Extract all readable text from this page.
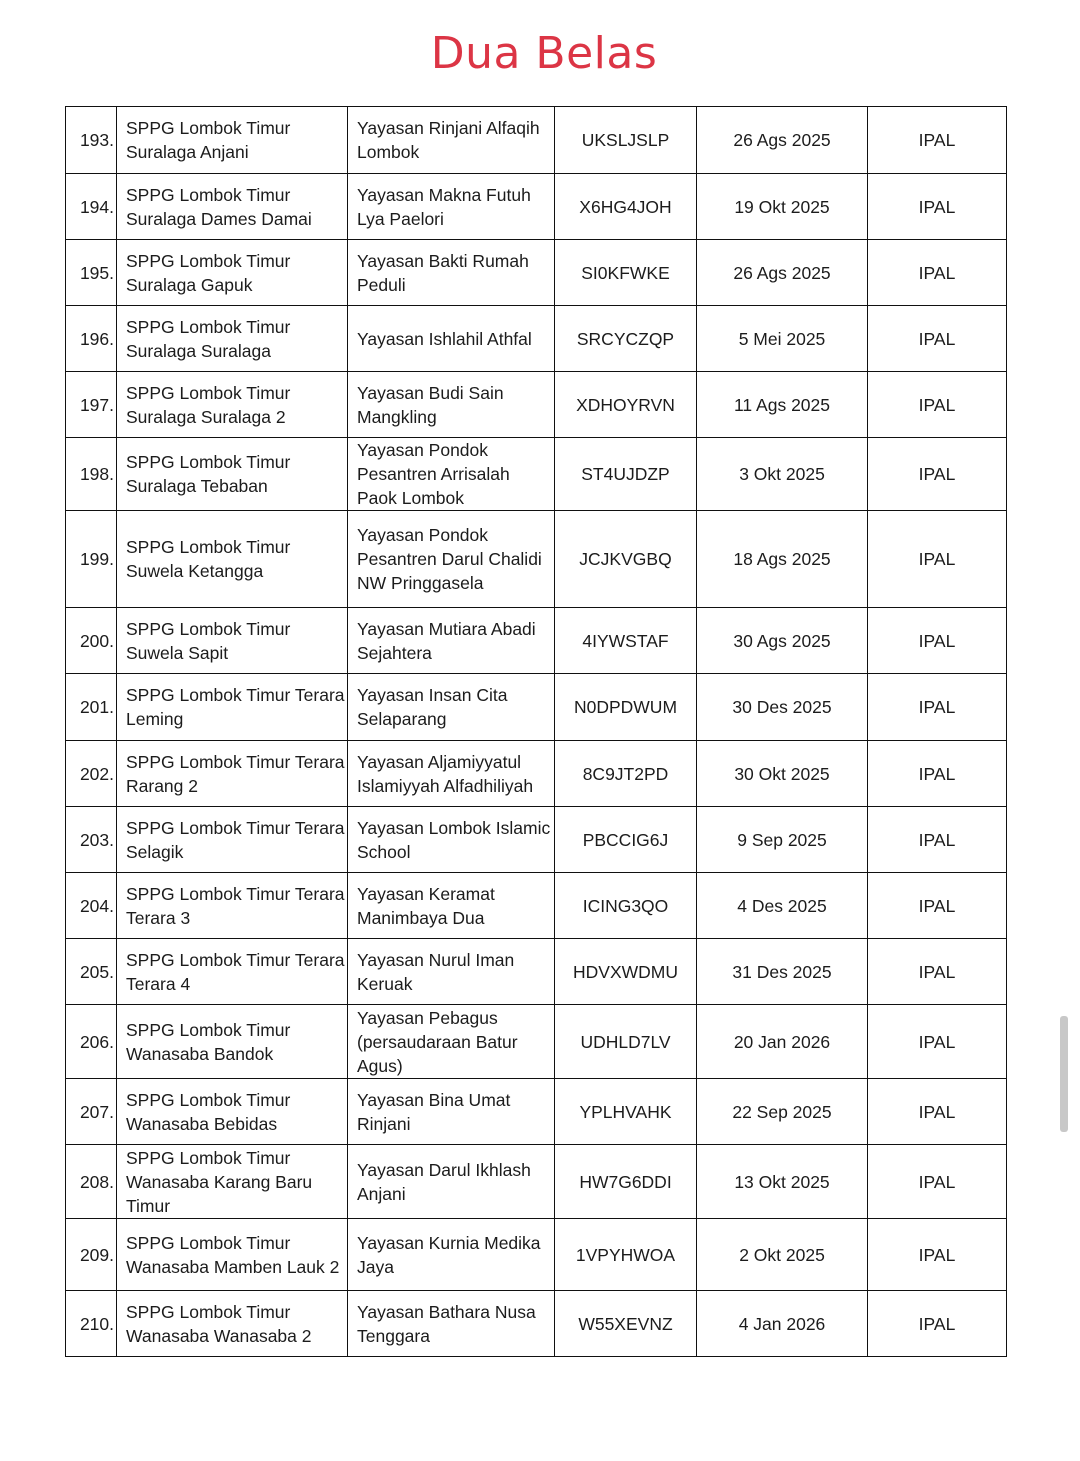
Dua Belas
193.	SPPG Lombok Timur Suralaga Anjani	Yayasan Rinjani Alfaqih Lombok	UKSLJSLP	26 Ags 2025	IPAL

194.	SPPG Lombok Timur Suralaga Dames Damai	Yayasan Makna Futuh Lya Paelori	X6HG4JOH	19 Okt 2025	IPAL

195.	SPPG Lombok Timur Suralaga Gapuk	Yayasan Bakti Rumah Peduli	SI0KFWKE	26 Ags 2025	IPAL

196.	SPPG Lombok Timur Suralaga Suralaga	Yayasan Ishlahil Athfal	SRCYCZQP	5 Mei 2025	IPAL

197.	SPPG Lombok Timur Suralaga Suralaga 2	Yayasan Budi Sain Mangkling	XDHOYRVN	11 Ags 2025	IPAL

198.	SPPG Lombok Timur Suralaga Tebaban	Yayasan Pondok Pesantren Arrisalah Paok Lombok	ST4UJDZP	3 Okt 2025	IPAL

199.	SPPG Lombok Timur Suwela Ketangga	Yayasan Pondok Pesantren Darul Chalidi NW Pringgasela	JCJKVGBQ	18 Ags 2025	IPAL

200.	SPPG Lombok Timur Suwela Sapit	Yayasan Mutiara Abadi Sejahtera	4IYWSTAF	30 Ags 2025	IPAL

201.	SPPG Lombok Timur Terara Leming	Yayasan Insan Cita Selaparang	N0DPDWUM	30 Des 2025	IPAL

202.	SPPG Lombok Timur Terara Rarang 2	Yayasan Aljamiyyatul Islamiyyah Alfadhiliyah	8C9JT2PD	30 Okt 2025	IPAL

203.	SPPG Lombok Timur Terara Selagik	Yayasan Lombok Islamic School	PBCCIG6J	9 Sep 2025	IPAL

204.	SPPG Lombok Timur Terara Terara 3	Yayasan Keramat Manimbaya Dua	ICING3QO	4 Des 2025	IPAL

205.	SPPG Lombok Timur Terara Terara 4	Yayasan Nurul Iman Keruak	HDVXWDMU	31 Des 2025	IPAL

206.	SPPG Lombok Timur Wanasaba Bandok	Yayasan Pebagus (persaudaraan Batur Agus)	UDHLD7LV	20 Jan 2026	IPAL

207.	SPPG Lombok Timur Wanasaba Bebidas	Yayasan Bina Umat Rinjani	YPLHVAHK	22 Sep 2025	IPAL

208.	SPPG Lombok Timur Wanasaba Karang Baru Timur	Yayasan Darul Ikhlash Anjani	HW7G6DDI	13 Okt 2025	IPAL

209.	SPPG Lombok Timur Wanasaba Mamben Lauk 2	Yayasan Kurnia Medika Jaya	1VPYHWOA	2 Okt 2025	IPAL

210.	SPPG Lombok Timur Wanasaba Wanasaba 2	Yayasan Bathara Nusa Tenggara	W55XEVNZ	4 Jan 2026	IPAL
